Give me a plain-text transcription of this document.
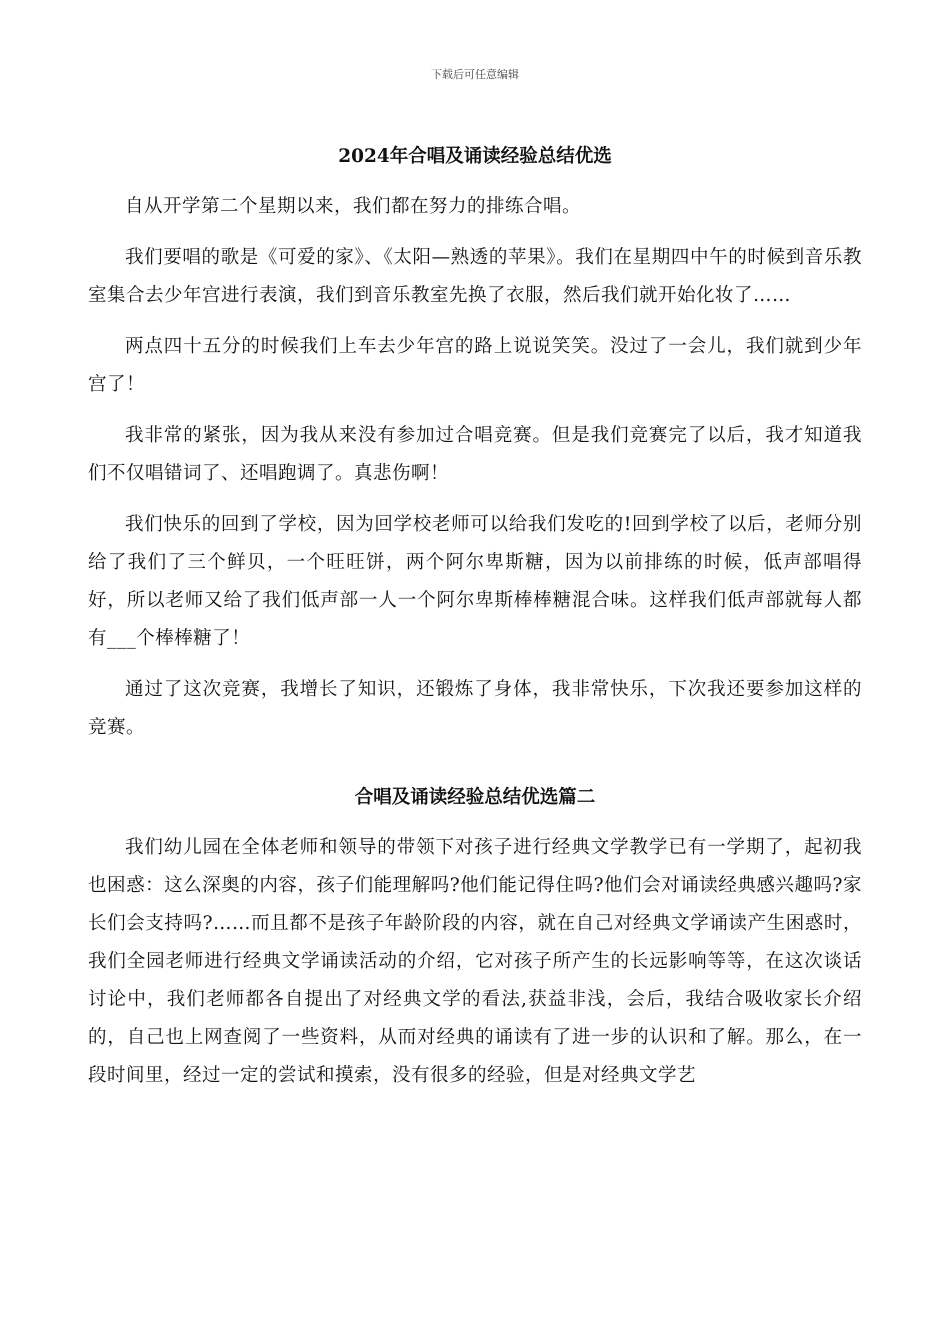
下载后可任意编辑
2024年合唱及诵读经验总结优选

自从开学第二个星期以来，我们都在努力的排练合唱。

我们要唱的歌是《可爱的家》、《太阳—熟透的苹果》。我们在星期四中午的时候到音乐教室集合去少年宫进行表演，我们到音乐教室先换了衣服，然后我们就开始化妆了……

两点四十五分的时候我们上车去少年宫的路上说说笑笑。没过了一会儿，我们就到少年宫了！

我非常的紧张，因为我从来没有参加过合唱竞赛。但是我们竞赛完了以后，我才知道我们不仅唱错词了、还唱跑调了。真悲伤啊！

我们快乐的回到了学校，因为回学校老师可以给我们发吃的!回到学校了以后，老师分别给了我们了三个鲜贝，一个旺旺饼，两个阿尔卑斯糖，因为以前排练的时候，低声部唱得好，所以老师又给了我们低声部一人一个阿尔卑斯棒棒糖混合味。这样我们低声部就每人都有___个棒棒糖了！

通过了这次竞赛，我增长了知识，还锻炼了身体，我非常快乐，下次我还要参加这样的竞赛。

合唱及诵读经验总结优选篇二

我们幼儿园在全体老师和领导的带领下对孩子进行经典文学教学已有一学期了，起初我也困惑：这么深奥的内容，孩子们能理解吗?他们能记得住吗?他们会对诵读经典感兴趣吗?家长们会支持吗?……而且都不是孩子年龄阶段的内容，就在自己对经典文学诵读产生困惑时，我们全园老师进行经典文学诵读活动的介绍，它对孩子所产生的长远影响等等，在这次谈话讨论中，我们老师都各自提出了对经典文学的看法,获益非浅，会后，我结合吸收家长介绍的，自己也上网查阅了一些资料，从而对经典的诵读有了进一步的认识和了解。那么，在一段时间里，经过一定的尝试和摸索，没有很多的经验，但是对经典文学艺
